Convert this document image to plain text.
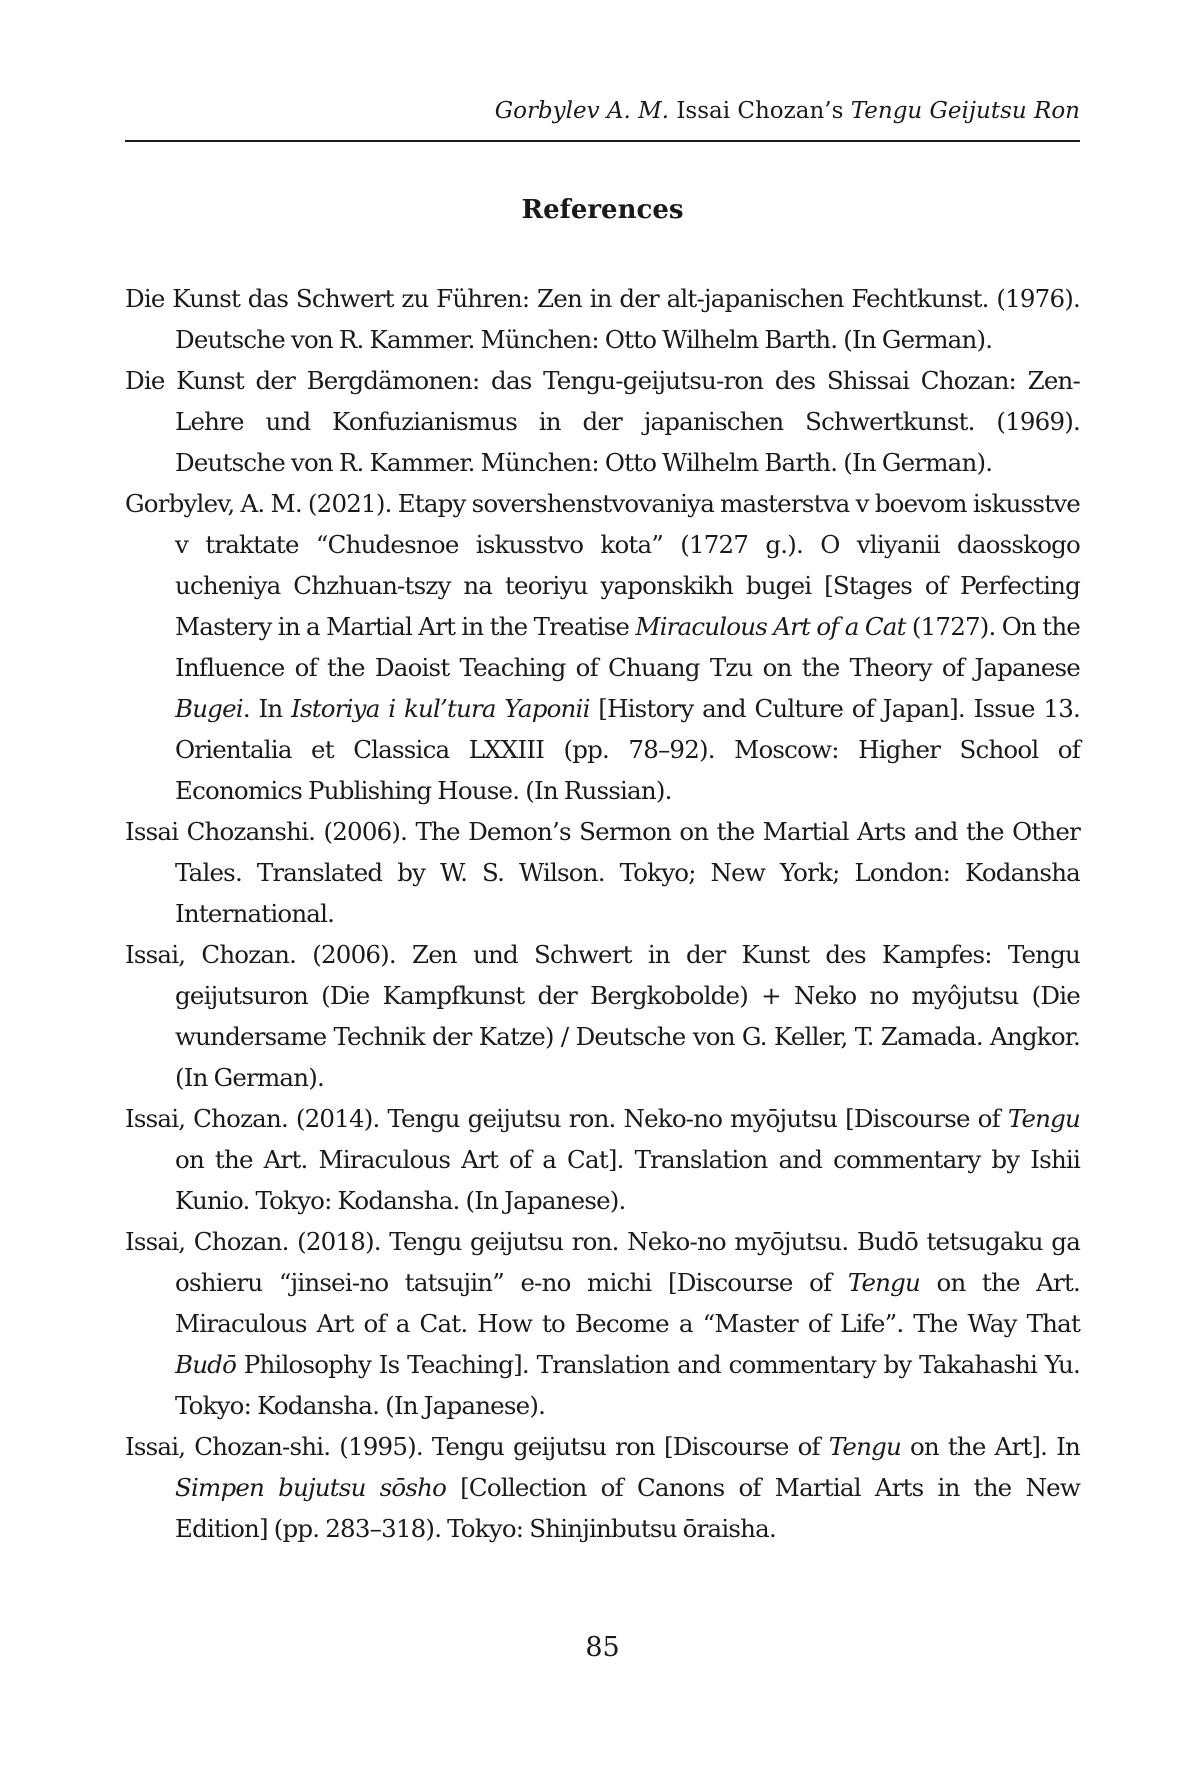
Gorbylev A. M. Issai Chozan’s Tengu Geijutsu Ron
References
Die Kunst das Schwert zu Führen: Zen in der alt-japanischen Fechtkunst. (1976). Deutsche von R. Kammer. München: Otto Wilhelm Barth. (In German).
Die Kunst der Bergdämonen: das Tengu-geijutsu-ron des Shissai Chozan: Zen-Lehre und Konfuzianismus in der japanischen Schwertkunst. (1969). Deutsche von R. Kammer. München: Otto Wilhelm Barth. (In German).
Gorbylev, A. M. (2021). Etapy sovershenstvovaniya masterstva v boevom iskusstve v traktate “Chudesnoe iskusstvo kota” (1727 g.). O vliyanii daosskogo ucheniya Chzhuan-tszy na teoriyu yaponskikh bugei [Stages of Perfecting Mastery in a Martial Art in the Treatise Miraculous Art of a Cat (1727). On the Influence of the Daoist Teaching of Chuang Tzu on the Theory of Japanese Bugei. In Istoriya i kul’tura Yaponii [History and Culture of Japan]. Issue 13. Orientalia et Classica LXXIII (pp. 78–92). Moscow: Higher School of Economics Publishing House. (In Russian).
Issai Chozanshi. (2006). The Demon’s Sermon on the Martial Arts and the Other Tales. Translated by W. S. Wilson. Tokyo; New York; London: Kodansha International.
Issai, Chozan. (2006). Zen und Schwert in der Kunst des Kampfes: Tengu geijutsuron (Die Kampfkunst der Bergkobolde) + Neko no myôjutsu (Die wundersame Technik der Katze) / Deutsche von G. Keller, T. Zamada. Angkor. (In German).
Issai, Chozan. (2014). Tengu geijutsu ron. Neko-no myōjutsu [Discourse of Tengu on the Art. Miraculous Art of a Cat]. Translation and commentary by Ishii Kunio. Tokyo: Kodansha. (In Japanese).
Issai, Chozan. (2018). Tengu geijutsu ron. Neko-no myōjutsu. Budō tetsugaku ga oshieru “jinsei-no tatsujin” e-no michi [Discourse of Tengu on the Art. Miraculous Art of a Cat. How to Become a “Master of Life”. The Way That Budō Philosophy Is Teaching]. Translation and commentary by Takahashi Yu. Tokyo: Kodansha. (In Japanese).
Issai, Chozan-shi. (1995). Tengu geijutsu ron [Discourse of Tengu on the Art]. In Simpen bujutsu sōsho [Collection of Canons of Martial Arts in the New Edition] (pp. 283–318). Tokyo: Shinjinbutsu ōraisha.
85
